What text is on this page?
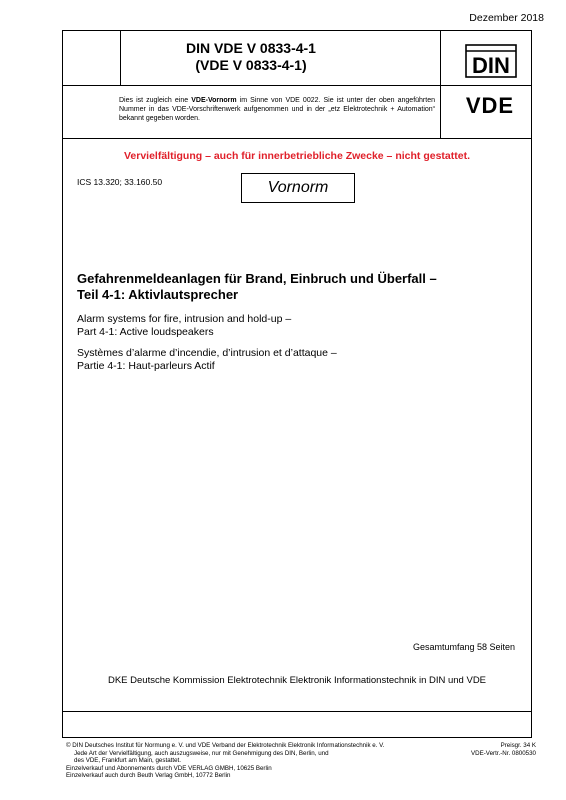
Dezember 2018
DIN VDE V 0833-4-1
(VDE V 0833-4-1)	DIN
Dies ist zugleich eine VDE-Vornorm im Sinne von VDE 0022. Sie ist unter der oben angeführten Nummer in das VDE-Vorschriftenwerk aufgenommen und in der „etz Elektrotechnik + Automation“ bekannt gegeben worden.
VDE
Vervielfältigung – auch für innerbetriebliche Zwecke – nicht gestattet.
ICS 13.320; 33.160.50	Vornorm
Gefahrenmeldeanlagen für Brand, Einbruch und Überfall –
Teil 4-1: Aktivlautsprecher
Alarm systems for fire, intrusion and hold-up –
Part 4-1: Active loudspeakers
Systèmes d’alarme d’incendie, d’intrusion et d’attaque –
Partie 4-1: Haut-parleurs Actif
Gesamtumfang 58 Seiten
DKE Deutsche Kommission Elektrotechnik Elektronik Informationstechnik in DIN und VDE
© DIN Deutsches Institut für Normung e. V. und VDE Verband der Elektrotechnik Elektronik Informationstechnik e. V.
Jede Art der Vervielfältigung, auch auszugsweise, nur mit Genehmigung des DIN, Berlin, und
des VDE, Frankfurt am Main, gestattet.
Einzelverkauf und Abonnements durch VDE VERLAG GMBH, 10625 Berlin
Einzelverkauf auch durch Beuth Verlag GmbH, 10772 Berlin
Preisgr. 34 K
VDE-Vertr.-Nr. 0800530
